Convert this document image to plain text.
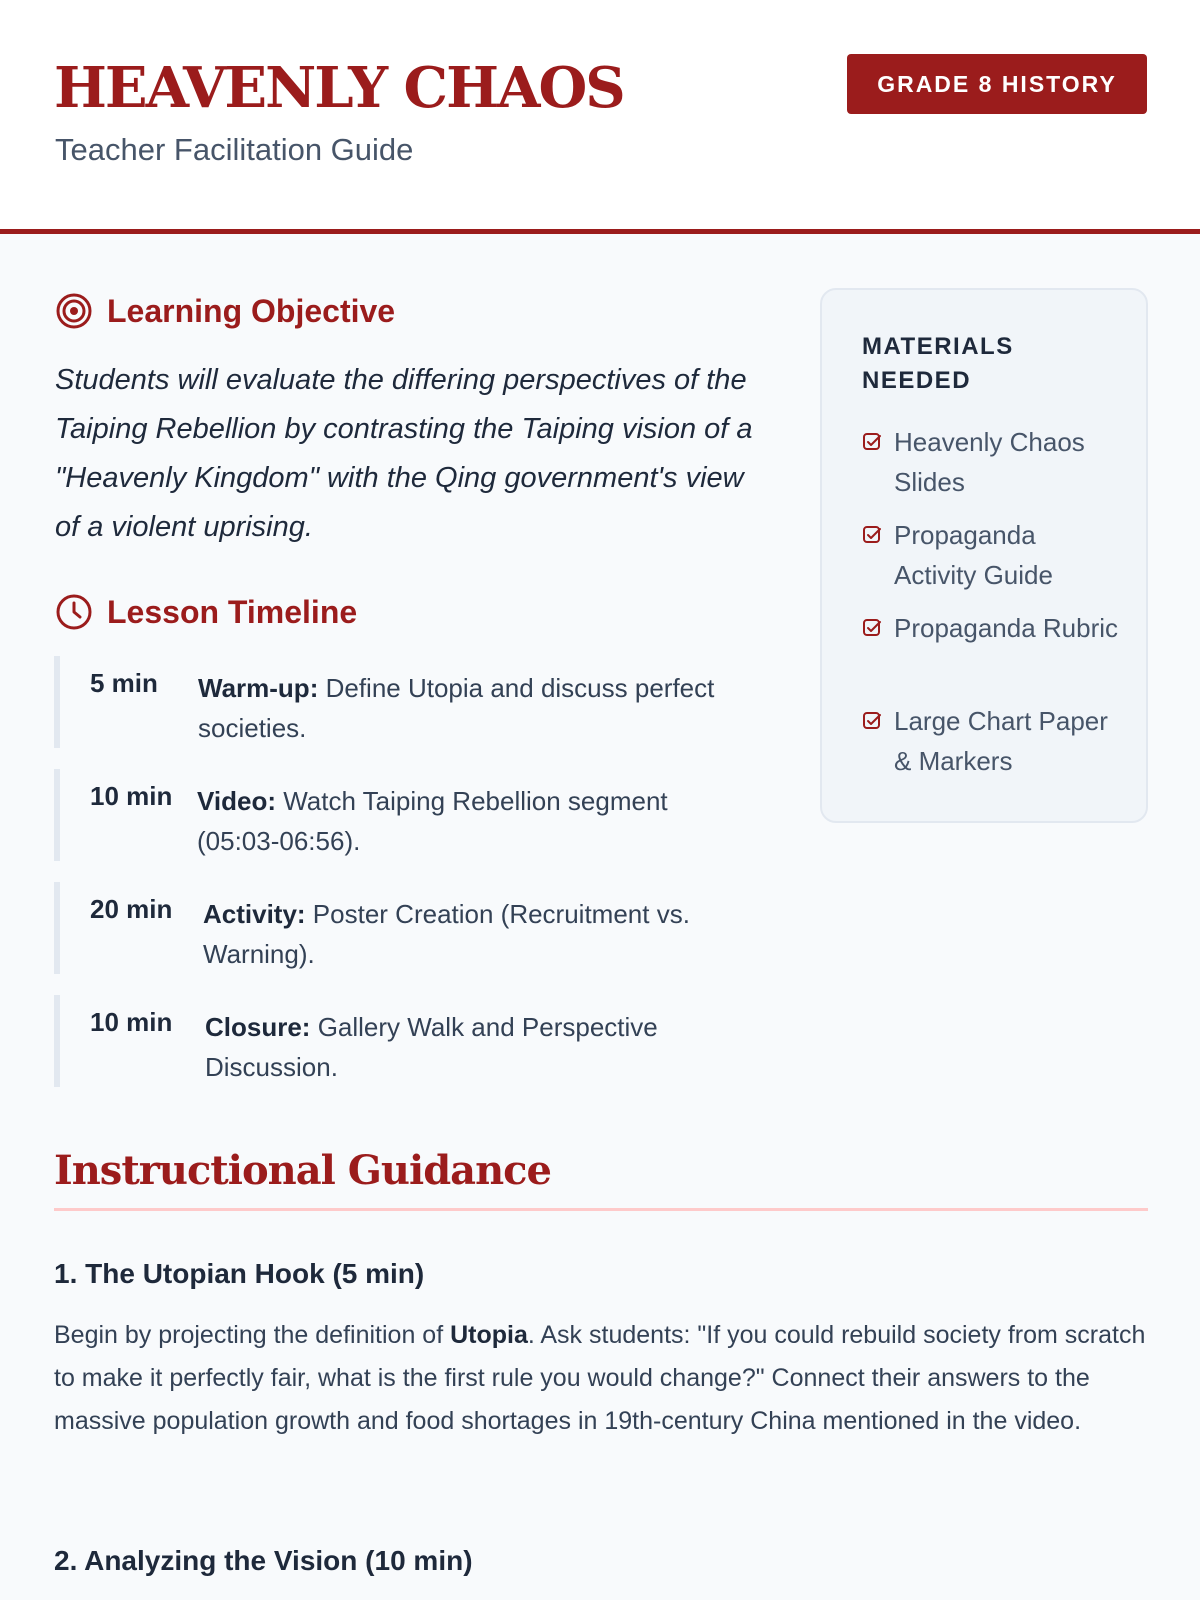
HEAVENLY CHAOS
Teacher Facilitation Guide
GRADE 8 HISTORY
Learning Objective
Students will evaluate the differing perspectives of the Taiping Rebellion by contrasting the Taiping vision of a "Heavenly Kingdom" with the Qing government's view of a violent uprising.
Lesson Timeline
5 min Warm-up: Define Utopia and discuss perfect societies.
10 min Video: Watch Taiping Rebellion segment (05:03-06:56).
20 min Activity: Poster Creation (Recruitment vs. Warning).
10 min Closure: Gallery Walk and Perspective Discussion.
MATERIALS NEEDED
Heavenly Chaos Slides
Propaganda Activity Guide
Propaganda Rubric
Large Chart Paper & Markers
Instructional Guidance
1. The Utopian Hook (5 min)
Begin by projecting the definition of Utopia. Ask students: "If you could rebuild society from scratch to make it perfectly fair, what is the first rule you would change?" Connect their answers to the massive population growth and food shortages in 19th-century China mentioned in the video.
2. Analyzing the Vision (10 min)
